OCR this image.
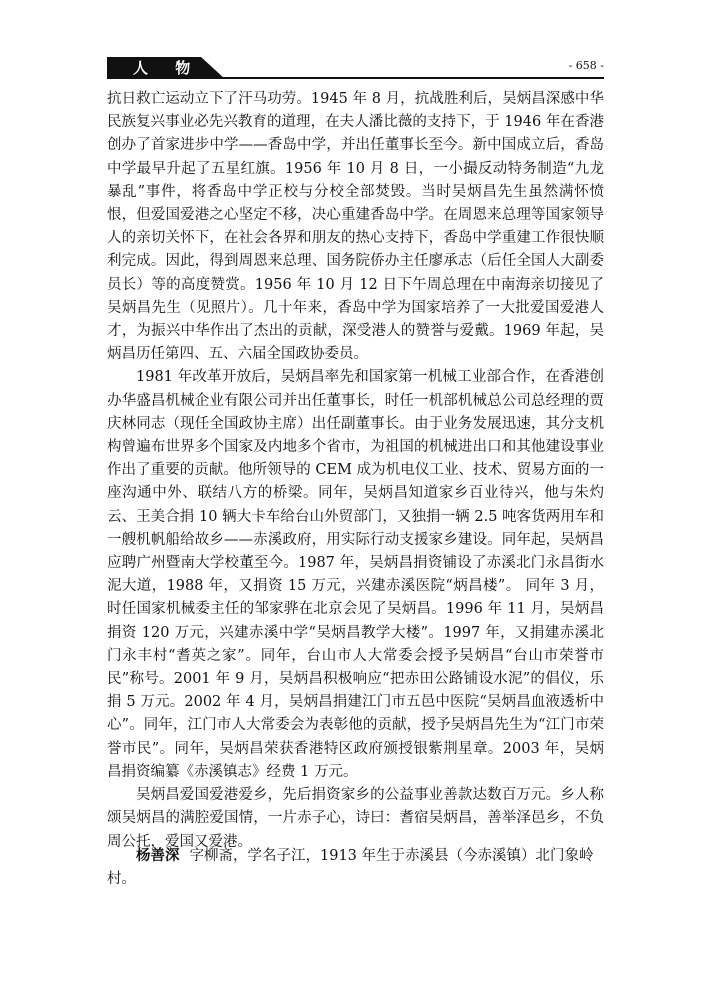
人 物	- 658 -

抗日救亡运动立下了汗马功劳。1945 年 8 月，抗战胜利后，吴炳昌深感中华民族复兴事业必先兴教育的道理，在夫人潘比薇的支持下，于 1946 年在香港创办了首家进步中学——香岛中学，并出任董事长至今。新中国成立后，香岛中学最早升起了五星红旗。1956 年 10 月 8 日，一小撮反动特务制造“九龙暴乱”事件，将香岛中学正校与分校全部焚毁。当时吴炳昌先生虽然满怀愤恨，但爱国爱港之心坚定不移，决心重建香岛中学。在周恩来总理等国家领导人的亲切关怀下，在社会各界和朋友的热心支持下，香岛中学重建工作很快顺利完成。因此，得到周恩来总理、国务院侨办主任廖承志（后任全国人大副委员长）等的高度赞赏。1956 年 10 月 12 日下午周总理在中南海亲切接见了吴炳昌先生（见照片）。几十年来，香岛中学为国家培养了一大批爱国爱港人才，为振兴中华作出了杰出的贡献，深受港人的赞誉与爱戴。1969 年起，吴炳昌历任第四、五、六届全国政协委员。

1981 年改革开放后，吴炳昌率先和国家第一机械工业部合作，在香港创办华盛昌机械企业有限公司并出任董事长，时任一机部机械总公司总经理的贾庆林同志（现任全国政协主席）出任副董事长。由于业务发展迅速，其分支机构曾遍布世界多个国家及内地多个省市，为祖国的机械进出口和其他建设事业作出了重要的贡献。他所领导的 CEM 成为机电仪工业、技术、贸易方面的一座沟通中外、联结八方的桥梁。同年，吴炳昌知道家乡百业待兴，他与朱灼云、王美合捐 10 辆大卡车给台山外贸部门，又独捐一辆 2.5 吨客货两用车和一艘机帆船给故乡——赤溪政府，用实际行动支援家乡建设。同年起，吴炳昌应聘广州暨南大学校董至今。1987 年，吴炳昌捐资铺设了赤溪北门永昌街水泥大道，1988 年，又捐资 15 万元，兴建赤溪医院“炳昌楼”。 同年 3 月，时任国家机械委主任的邹家骅在北京会见了吴炳昌。1996 年 11 月，吴炳昌捐资 120 万元，兴建赤溪中学“吴炳昌教学大楼”。1997 年，又捐建赤溪北门永丰村“耆英之家”。同年，台山市人大常委会授予吴炳昌“台山市荣誉市民”称号。2001 年 9 月，吴炳昌积极响应“把赤田公路铺设水泥”的倡仪，乐捐 5 万元。2002 年 4 月，吴炳昌捐建江门市五邑中医院“吴炳昌血液透析中心”。同年，江门市人大常委会为表彰他的贡献，授予吴炳昌先生为“江门市荣誉市民”。同年，吴炳昌荣获香港特区政府颁授银紫荆星章。2003 年，吴炳昌捐资编纂《赤溪镇志》经费 1 万元。

吴炳昌爱国爱港爱乡，先后捐资家乡的公益事业善款达数百万元。乡人称颂吴炳昌的满腔爱国情，一片赤子心，诗曰：耆宿吴炳昌，善举泽邑乡，不负周公托，爱国又爱港。

杨善深 字柳斋，学名子江，1913 年生于赤溪县（今赤溪镇）北门象岭村。
